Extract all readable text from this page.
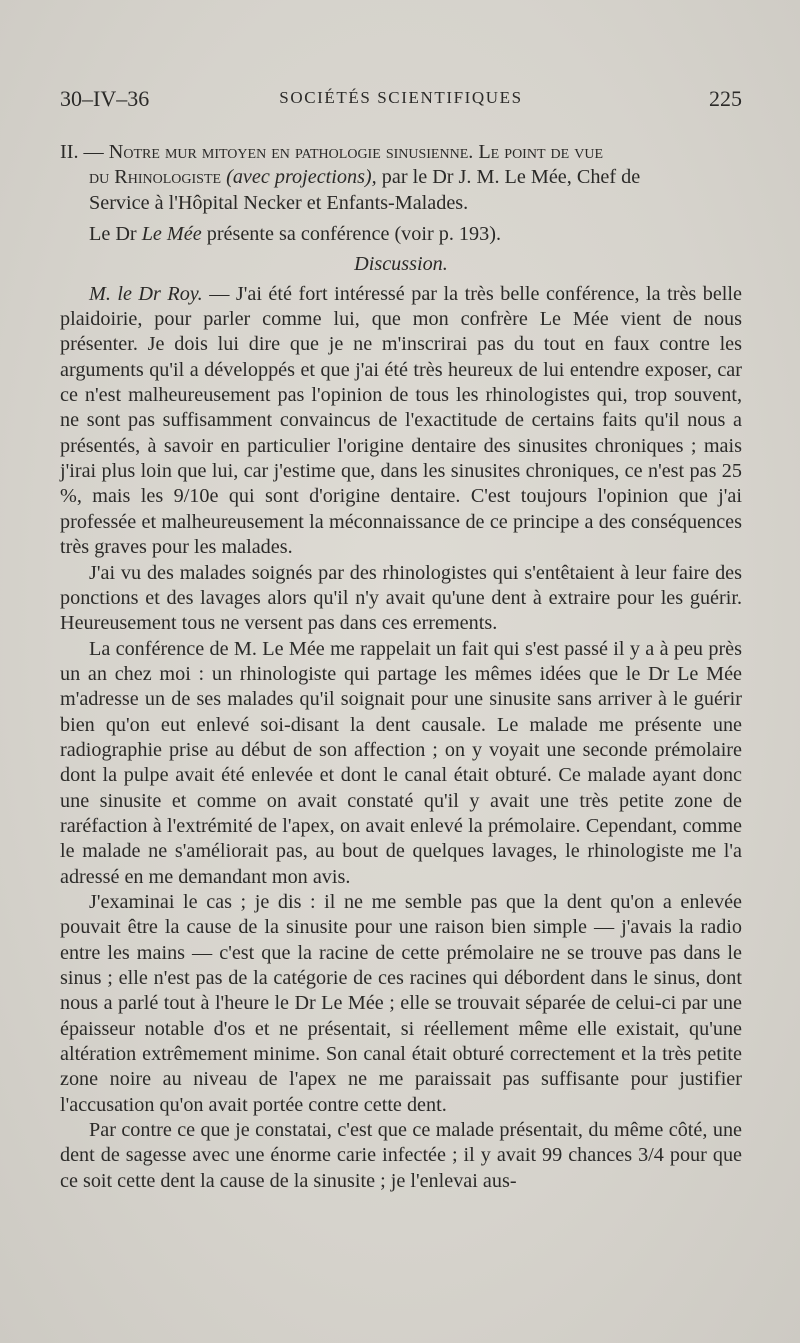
30–IV–36	SOCIÉTÉS SCIENTIFIQUES	225
II. — Notre mur mitoyen en pathologie sinusienne. Le point de vue
du Rhinologiste (avec projections), par le Dr J. M. Le Mée, Chef de
Service à l'Hôpital Necker et Enfants-Malades.

Le Dr Le Mée présente sa conférence (voir p. 193).

Discussion.

M. le Dr Roy. — J'ai été fort intéressé par la très belle conférence, la très belle plaidoirie, pour parler comme lui, que mon confrère Le Mée vient de nous présenter. Je dois lui dire que je ne m'inscrirai pas du tout en faux contre les arguments qu'il a développés et que j'ai été très heureux de lui entendre exposer, car ce n'est malheureusement pas l'opinion de tous les rhinologistes qui, trop souvent, ne sont pas suffisamment convaincus de l'exactitude de certains faits qu'il nous a présentés, à savoir en particulier l'origine dentaire des sinusites chroniques ; mais j'irai plus loin que lui, car j'estime que, dans les sinusites chroniques, ce n'est pas 25 %, mais les 9/10e qui sont d'origine dentaire. C'est toujours l'opinion que j'ai professée et malheureusement la méconnaissance de ce principe a des conséquences très graves pour les malades.

J'ai vu des malades soignés par des rhinologistes qui s'entêtaient à leur faire des ponctions et des lavages alors qu'il n'y avait qu'une dent à extraire pour les guérir. Heureusement tous ne versent pas dans ces errements.

La conférence de M. Le Mée me rappelait un fait qui s'est passé il y a à peu près un an chez moi : un rhinologiste qui partage les mêmes idées que le Dr Le Mée m'adresse un de ses malades qu'il soignait pour une sinusite sans arriver à le guérir bien qu'on eut enlevé soi-disant la dent causale. Le malade me présente une radiographie prise au début de son affection ; on y voyait une seconde prémolaire dont la pulpe avait été enlevée et dont le canal était obturé. Ce malade ayant donc une sinusite et comme on avait constaté qu'il y avait une très petite zone de raréfaction à l'extrémité de l'apex, on avait enlevé la prémolaire. Cependant, comme le malade ne s'améliorait pas, au bout de quelques lavages, le rhinologiste me l'a adressé en me demandant mon avis.

J'examinai le cas ; je dis : il ne me semble pas que la dent qu'on a enlevée pouvait être la cause de la sinusite pour une raison bien simple — j'avais la radio entre les mains — c'est que la racine de cette prémolaire ne se trouve pas dans le sinus ; elle n'est pas de la catégorie de ces racines qui débordent dans le sinus, dont nous a parlé tout à l'heure le Dr Le Mée ; elle se trouvait séparée de celui-ci par une épaisseur notable d'os et ne présentait, si réellement même elle existait, qu'une altération extrêmement minime. Son canal était obturé correctement et la très petite zone noire au niveau de l'apex ne me paraissait pas suffisante pour justifier l'accusation qu'on avait portée contre cette dent.

Par contre ce que je constatai, c'est que ce malade présentait, du même côté, une dent de sagesse avec une énorme carie infectée ; il y avait 99 chances 3/4 pour que ce soit cette dent la cause de la sinusite ; je l'enlevai aus-
